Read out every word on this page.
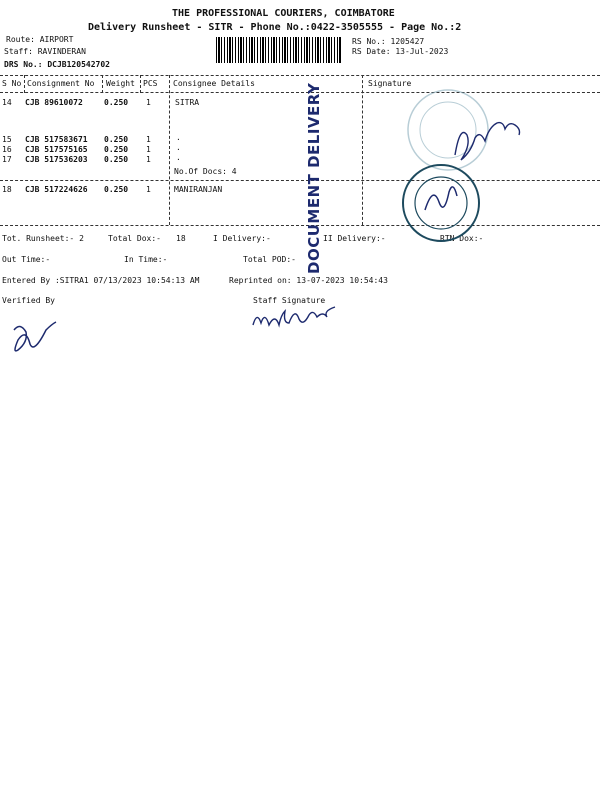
THE PROFESSIONAL COURIERS, COIMBATORE
Delivery Runsheet - SITR - Phone No.:0422-3505555 - Page No.:2
Route: AIRPORT
Staff: RAVINDERAN
DRS No.: DCJB120542702
RS No.: 1205427
RS Date: 13-Jul-2023
S No Consignment No Weight PCS Consignee Details	Signature
14 CJB 89610072	0.250 1	SITRA
15 CJB 517583671 0.250 1	.
16 CJB 517575165 0.250 1	.
17 CJB 517536203 0.250 1	.
No.Of Docs: 4
18 CJB 517224626 0.250 1	MANIRANJAN
Tot. Runsheet:- 2	Total Dox:- 18	I Delivery:-	II Delivery:-	RTN Dox:-
Out Time:-	In Time:-	Total POD:-
Entered By :SITRA1 07/13/2023 10:54:13 AM	Reprinted on: 13-07-2023 10:54:43
Verified By	Staff Signature
DOCUMENT DELIVERY
